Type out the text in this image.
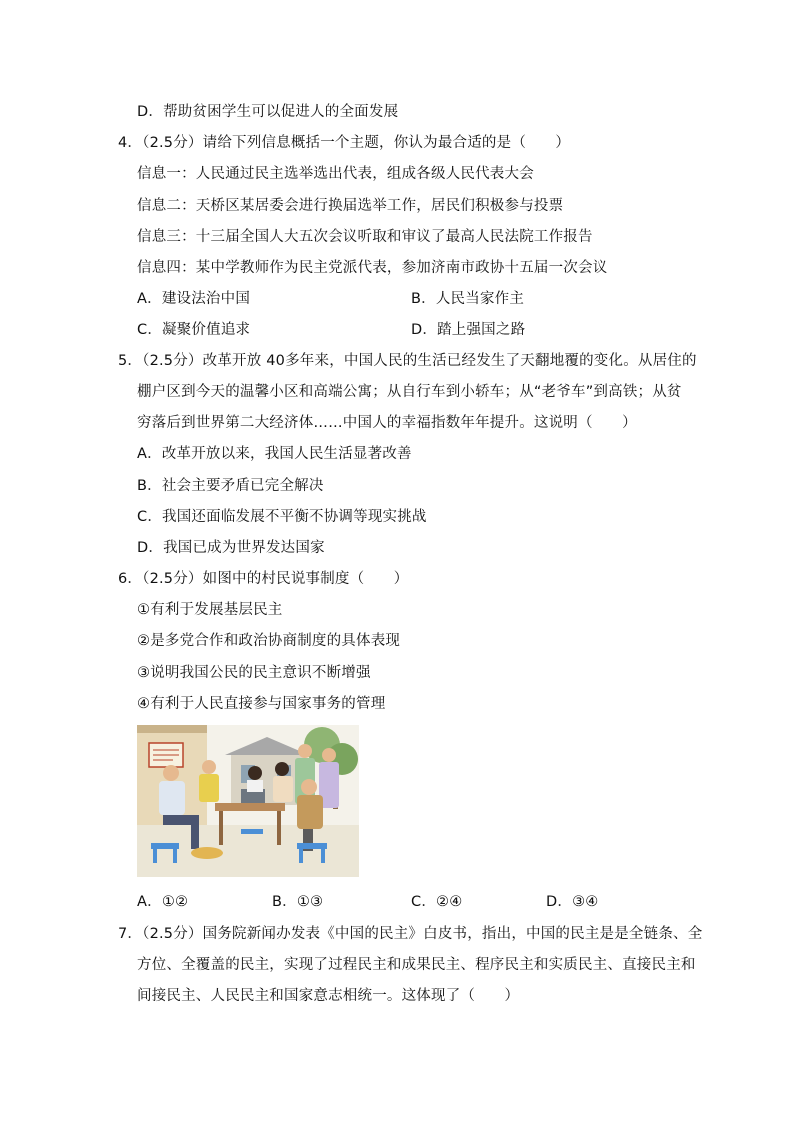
D．帮助贫困学生可以促进人的全面发展
4．（2.5分）请给下列信息概括一个主题，你认为最合适的是（　　）
信息一：人民通过民主选举选出代表，组成各级人民代表大会
信息二：天桥区某居委会进行换届选举工作，居民们积极参与投票
信息三：十三届全国人大五次会议听取和审议了最高人民法院工作报告
信息四：某中学教师作为民主党派代表，参加济南市政协十五届一次会议
A．建设法治中国	B．人民当家作主
C．凝聚价值追求	D．踏上强国之路
5．（2.5分）改革开放 40多年来，中国人民的生活已经发生了天翻地覆的变化。从居住的
棚户区到今天的温馨小区和高端公寓；从自行车到小轿车；从“老爷车”到高铁；从贫
穷落后到世界第二大经济体……中国人的幸福指数年年提升。这说明（　　）
A．改革开放以来，我国人民生活显著改善
B．社会主要矛盾已完全解决
C．我国还面临发展不平衡不协调等现实挑战
D．我国已成为世界发达国家
6．（2.5分）如图中的村民说事制度（　　）
①有利于发展基层民主
②是多党合作和政治协商制度的具体表现
③说明我国公民的民主意识不断增强
④有利于人民直接参与国家事务的管理
A．①②	B．①③	C．②④	D．③④
7．（2.5分）国务院新闻办发表《中国的民主》白皮书，指出，中国的民主是是全链条、全
方位、全覆盖的民主，实现了过程民主和成果民主、程序民主和实质民主、直接民主和
间接民主、人民民主和国家意志相统一。这体现了（　　）
